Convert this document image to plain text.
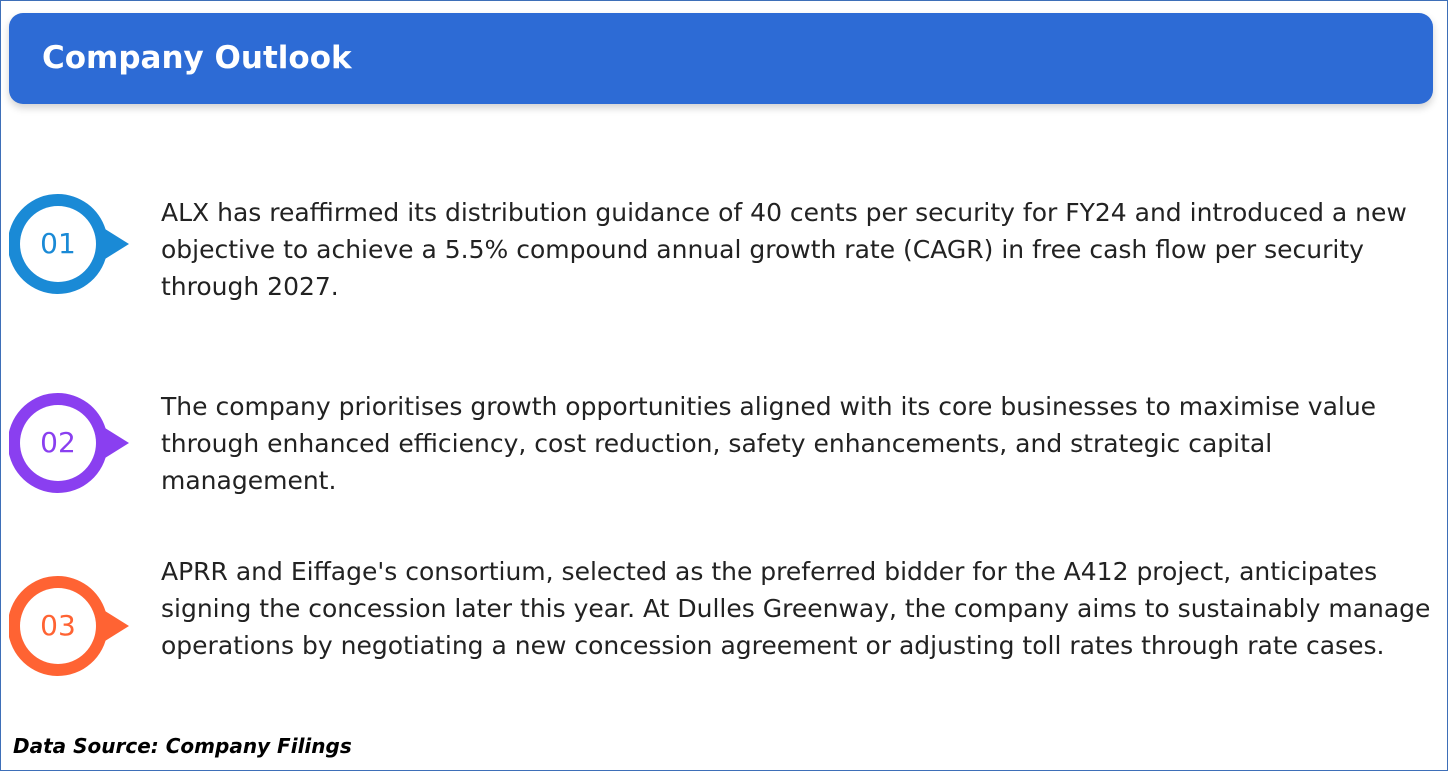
Company Outlook
01

ALX has reaffirmed its distribution guidance of 40 cents per security for FY24 and introduced a new objective to achieve a 5.5% compound annual growth rate (CAGR) in free cash flow per security through 2027.

02

The company prioritises growth opportunities aligned with its core businesses to maximise value through enhanced efficiency, cost reduction, safety enhancements, and strategic capital management.

03

APRR and Eiffage's consortium, selected as the preferred bidder for the A412 project, anticipates signing the concession later this year. At Dulles Greenway, the company aims to sustainably manage operations by negotiating a new concession agreement or adjusting toll rates through rate cases.

Data Source: Company Filings
